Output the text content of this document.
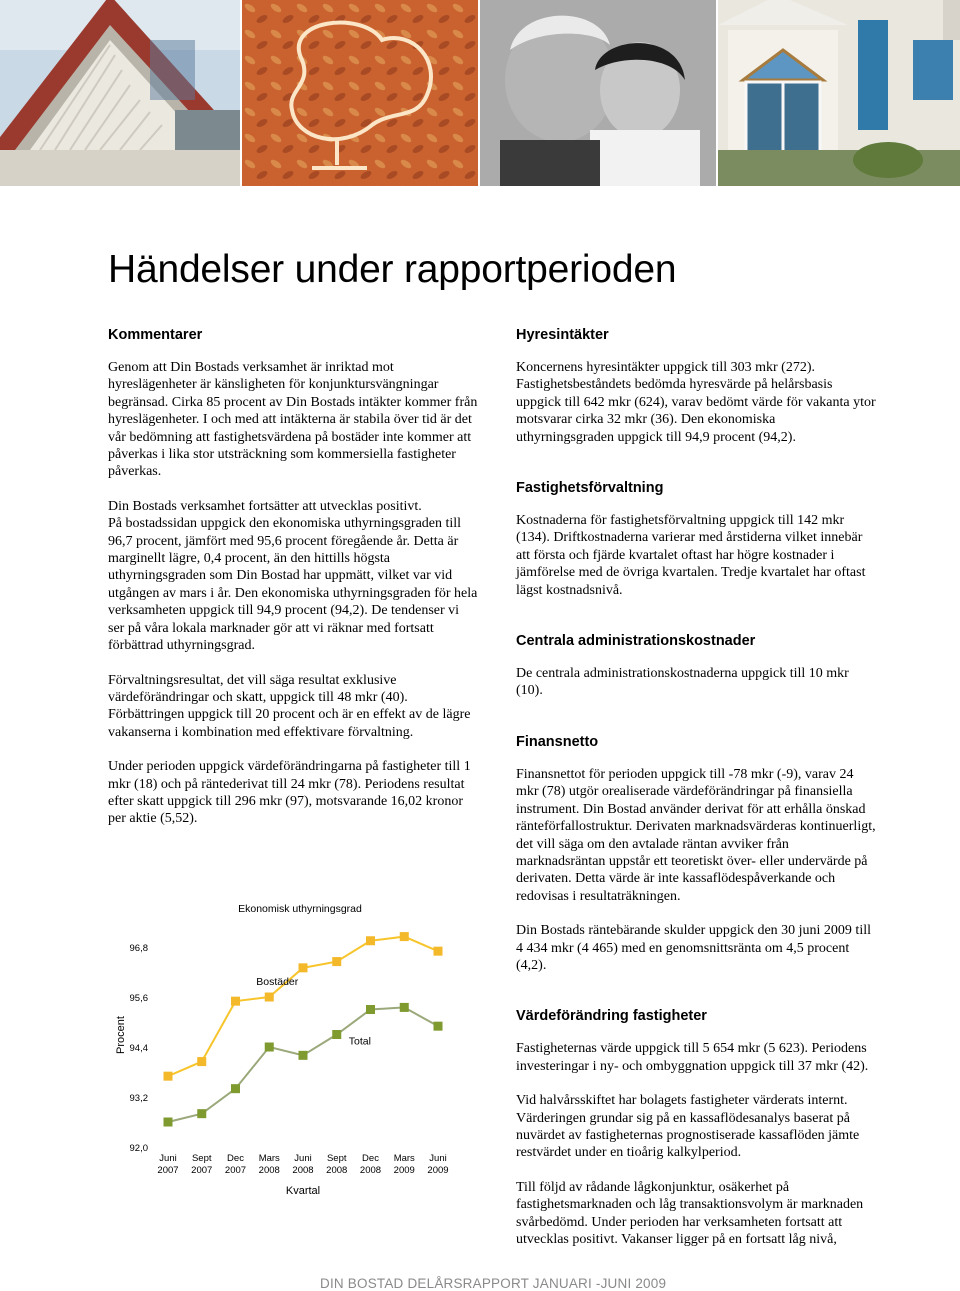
Händelser under rapportperioden
Kommentarer

Genom att Din Bostads verksamhet är inriktad mot hyreslägenheter är känsligheten för konjunktursvängningar begränsad. Cirka 85 procent av Din Bostads intäkter kommer från hyreslägenheter. I och med att intäkterna är stabila över tid är det vår bedömning att fastighetsvärdena på bostäder inte kommer att påverkas i lika stor utsträckning som kommersiella fastigheter påverkas.

Din Bostads verksamhet fortsätter att utvecklas positivt.

På bostadssidan uppgick den ekonomiska uthyrningsgraden till 96,7 procent, jämfört med 95,6 procent föregående år. Detta är marginellt lägre, 0,4 procent, än den hittills högsta uthyrningsgraden som Din Bostad har uppmätt, vilket var vid utgången av mars i år. Den ekonomiska uthyrningsgraden för hela verksamheten uppgick till 94,9 procent (94,2). De tendenser vi ser på våra lokala marknader gör att vi räknar med fortsatt förbättrad uthyrningsgrad.

Förvaltningsresultat, det vill säga resultat exklusive värdeförändringar och skatt, uppgick till 48 mkr (40). Förbättringen uppgick till 20 procent och är en effekt av de lägre vakanserna i kombination med effektivare förvaltning.

Under perioden uppgick värdeförändringarna på fastigheter till 1 mkr (18) och på räntederivat till 24 mkr (78). Periodens resultat efter skatt uppgick till 296 mkr (97), motsvarande 16,02 kronor per aktie (5,52).

Ekonomisk uthyrningsgrad
Procent
Kvartal
92,0
93,2
94,4
95,6
96,8
Juni 2007
Sept 2007
Dec 2007
Mars 2008
Juni 2008
Sept 2008
Dec 2008
Mars 2009
Juni 2009
Bostäder
Total
Hyresintäkter

Koncernens hyresintäkter uppgick till 303 mkr (272). Fastighetsbeståndets bedömda hyresvärde på helårsbasis uppgick till 642 mkr (624), varav bedömt värde för vakanta ytor motsvarar cirka 32 mkr (36). Den ekonomiska uthyrningsgraden uppgick till 94,9 procent (94,2).

Fastighetsförvaltning

Kostnaderna för fastighetsförvaltning uppgick till 142 mkr (134). Driftkostnaderna varierar med årstiderna vilket innebär att första och fjärde kvartalet oftast har högre kostnader i jämförelse med de övriga kvartalen. Tredje kvartalet har oftast lägst kostnadsnivå.

Centrala administrationskostnader

De centrala administrationskostnaderna uppgick till 10 mkr (10).

Finansnetto

Finansnettot för perioden uppgick till -78 mkr (-9), varav 24 mkr (78) utgör orealiserade värdeförändringar på finansiella instrument. Din Bostad använder derivat för att erhålla önskad räntеförfallostruktur. Derivaten marknadsvärderas kontinuerligt, det vill säga om den avtalade räntan avviker från marknadsräntan uppstår ett teoretiskt över- eller undervärde på derivaten. Detta värde är inte kassaflödespåverkande och redovisas i resultaträkningen.

Din Bostads räntebärande skulder uppgick den 30 juni 2009 till 4 434 mkr (4 465) med en genomsnittsränta om 4,5 procent (4,2).

Värdeförändring fastigheter

Fastigheternas värde uppgick till 5 654 mkr (5 623). Periodens investeringar i ny- och ombyggnation uppgick till 37 mkr (42).

Vid halvårsskiftet har bolagets fastigheter värderats internt. Värderingen grundar sig på en kassaflödesanalys baserat på nuvärdet av fastigheternas prognostiserade kassaflöden jämte restvärdet under en tioårig kalkylperiod.

Till följd av rådande lågkonjunktur, osäkerhet på fastighetsmarknaden och låg transaktionsvolym är marknaden svårbedömd. Under perioden har verksamheten fortsatt att utvecklas positivt. Vakanser ligger på en fortsatt låg nivå,

DIN BOSTAD DELÅRSRAPPORT JANUARI -JUNI 2009
